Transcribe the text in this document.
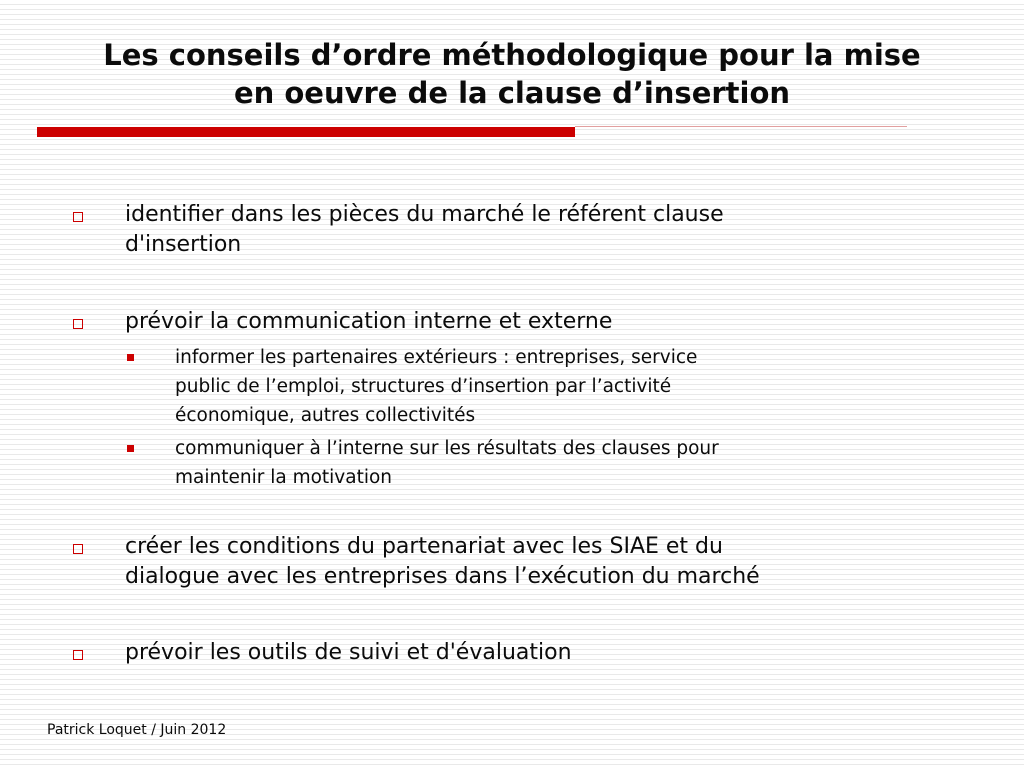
Les conseils d’ordre méthodologique pour la mise
en oeuvre de la clause d’insertion
identifier dans les pièces du marché le référent clause
d'insertion
prévoir la communication interne et externe
informer les partenaires extérieurs : entreprises, service
public de l’emploi, structures d’insertion par l’activité
économique, autres collectivités
communiquer à l’interne sur les résultats des clauses pour
maintenir la motivation
créer les conditions du partenariat avec les SIAE et du
dialogue avec les entreprises dans l’exécution du marché
prévoir les outils de suivi et d'évaluation
Patrick Loquet / Juin 2012
